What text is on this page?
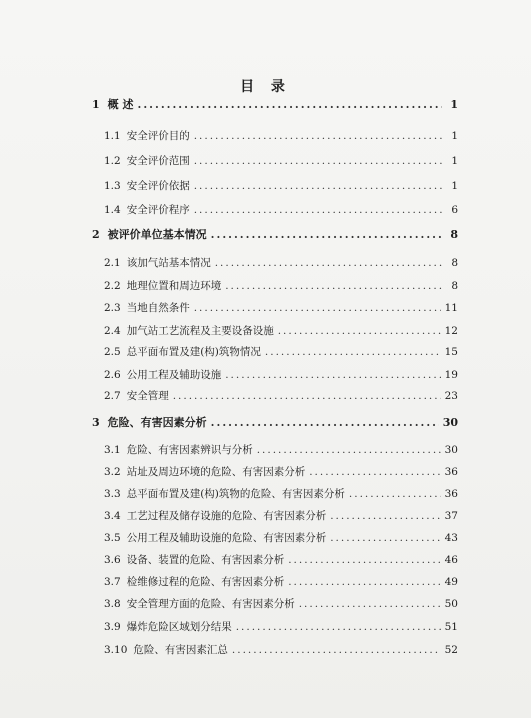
目 录
1 概 述 .....	1
1.1 安全评价目的 .....	1
1.2 安全评价范围 .....	1
1.3 安全评价依据 .....	1
1.4 安全评价程序 .....	6
2 被评价单位基本情况 .....	8
2.1 该加气站基本情况 .....	8
2.2 地理位置和周边环境 .....	8
2.3 当地自然条件 .....	11
2.4 加气站工艺流程及主要设备设施 .....	12
2.5 总平面布置及建(构)筑物情况 .....	15
2.6 公用工程及辅助设施 .....	19
2.7 安全管理 .....	23
3 危险、有害因素分析 .....	30
3.1 危险、有害因素辨识与分析 .....	30
3.2 站址及周边环境的危险、有害因素分析 .....	36
3.3 总平面布置及建(构)筑物的危险、有害因素分析 .....	36
3.4 工艺过程及储存设施的危险、有害因素分析 .....	37
3.5 公用工程及辅助设施的危险、有害因素分析 .....	43
3.6 设备、装置的危险、有害因素分析 .....	46
3.7 检维修过程的危险、有害因素分析 .....	49
3.8 安全管理方面的危险、有害因素分析 .....	50
3.9 爆炸危险区域划分结果 .....	51
3.10 危险、有害因素汇总 .....	52
